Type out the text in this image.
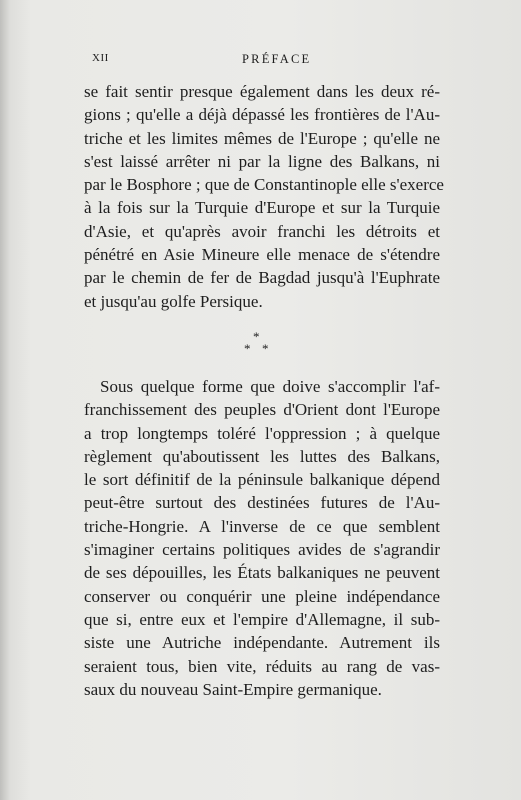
XII	PRÉFACE
se fait sentir presque également dans les deux ré-
gions ; qu'elle a déjà dépassé les frontières de l'Au-
triche et les limites mêmes de l'Europe ; qu'elle ne
s'est laissé arrêter ni par la ligne des Balkans, ni
par le Bosphore ; que de Constantinople elle s'exerce
à la fois sur la Turquie d'Europe et sur la Turquie
d'Asie, et qu'après avoir franchi les détroits et
pénétré en Asie Mineure elle menace de s'étendre
par le chemin de fer de Bagdad jusqu'à l'Euphrate
et jusqu'au golfe Persique.
*
* *
Sous quelque forme que doive s'accomplir l'af-
franchissement des peuples d'Orient dont l'Europe
a trop longtemps toléré l'oppression ; à quelque
règlement qu'aboutissent les luttes des Balkans,
le sort définitif de la péninsule balkanique dépend
peut-être surtout des destinées futures de l'Au-
triche-Hongrie. A l'inverse de ce que semblent
s'imaginer certains politiques avides de s'agrandir
de ses dépouilles, les États balkaniques ne peuvent
conserver ou conquérir une pleine indépendance
que si, entre eux et l'empire d'Allemagne, il sub-
siste une Autriche indépendante. Autrement ils
seraient tous, bien vite, réduits au rang de vas-
saux du nouveau Saint-Empire germanique.
